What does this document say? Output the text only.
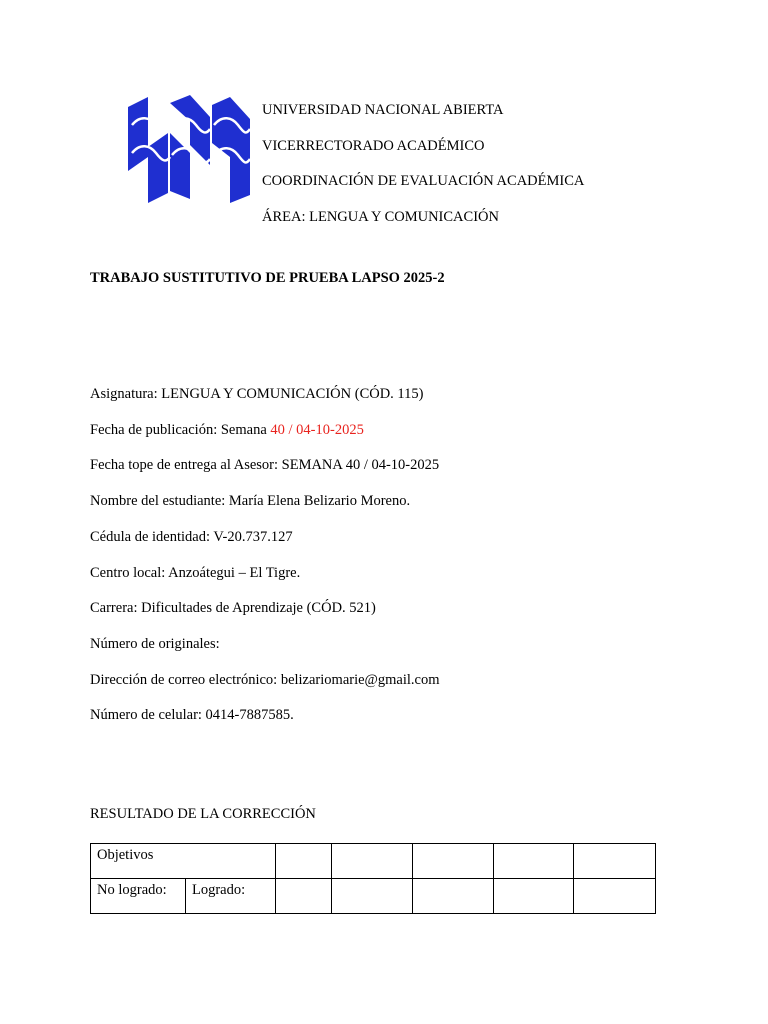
UNIVERSIDAD NACIONAL ABIERTA
VICERRECTORADO ACADÉMICO
COORDINACIÓN DE EVALUACIÓN ACADÉMICA
ÁREA: LENGUA Y COMUNICACIÓN
TRABAJO SUSTITUTIVO DE PRUEBA LAPSO 2025-2
Asignatura: LENGUA Y COMUNICACIÓN (CÓD. 115)
Fecha de publicación: Semana 40 / 04-10-2025
Fecha tope de entrega al Asesor: SEMANA 40 / 04-10-2025
Nombre del estudiante: María Elena Belizario Moreno.
Cédula de identidad: V-20.737.127
Centro local: Anzoátegui – El Tigre.
Carrera: Dificultades de Aprendizaje (CÓD. 521)
Número de originales:
Dirección de correo electrónico: belizariomarie@gmail.com
Número de celular: 0414-7887585.
RESULTADO DE LA CORRECCIÓN
Objetivos						
No logrado:	Logrado:					
